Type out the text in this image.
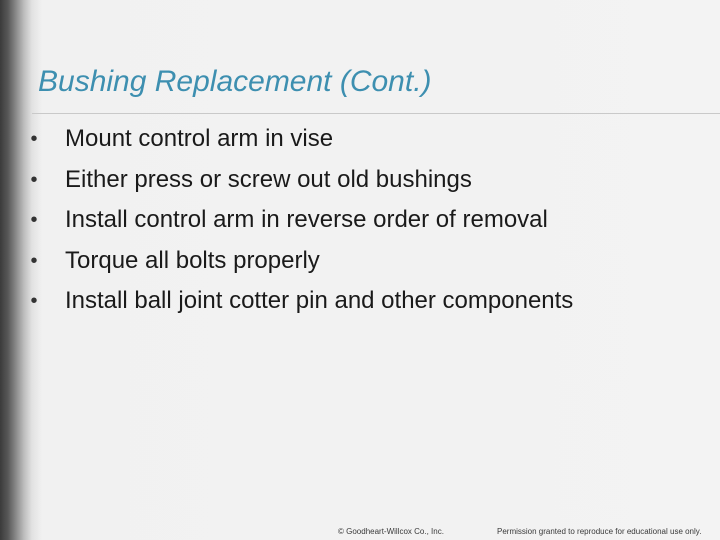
Bushing Replacement (Cont.)
• Mount control arm in vise
• Either press or screw out old bushings
• Install control arm in reverse order of removal
• Torque all bolts properly
• Install ball joint cotter pin and other components
© Goodheart-Willcox Co., Inc.	Permission granted to reproduce for educational use only.
